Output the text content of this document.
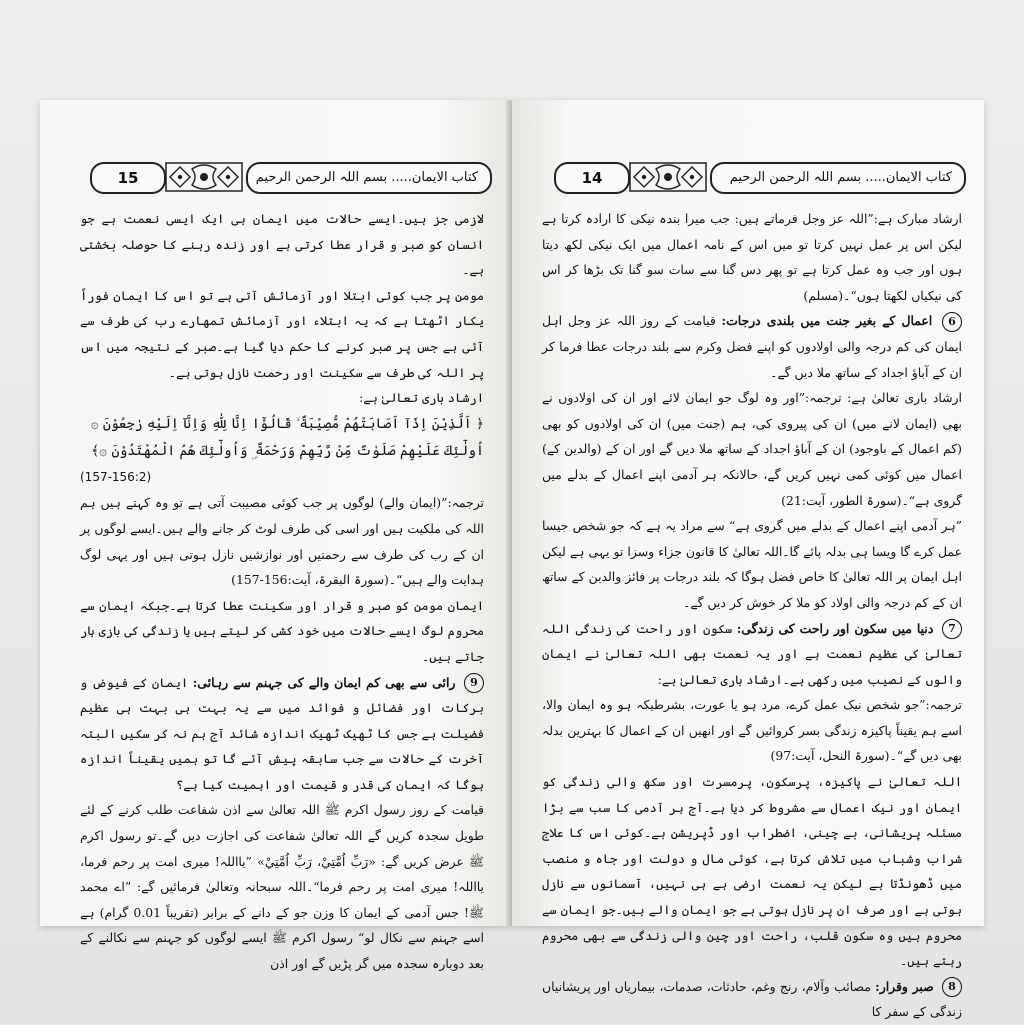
15	کتاب الایمان..... بسم اللہ الرحمن الرحیم

لازمی جز ہیں۔ایسے حالات میں ایمان ہی ایک ایسی نعمت ہے جو انسان کو صبر و قرار عطا کرتی ہے اور زندہ رہنے کا حوصلہ بخشتی ہے۔

مومن پر جب کوئی ابتلا اور آزمائش آتی ہے تو اس کا ایمان فوراً یکار اٹھتا ہے کہ یہ ابتلاء اور آزمائش تمھارے رب کی طرف سے آئی ہے جس پر صبر کرنے کا حکم دیا گیا ہے۔صبر کے نتیجہ میں اس پر اللہ کی طرف سے سکینت اور رحمت نازل ہوتی ہے۔

ارشاد باری تعالیٰ ہے:

﴿ اَلَّذِيْنَ اِذَآ اَصَابَتْهُمْ مُّصِيْبَةٌ ۙ قَالُوْٓا اِنَّا لِلّٰهِ وَاِنَّآ اِلَيْهِ رٰجِعُوْنَ ۞ اُولٰٓئِكَ عَلَيْهِمْ صَلَوٰتٌ مِّنْ رَّبِّهِمْ وَرَحْمَةٌ ۣ وَاُولٰٓئِكَ هُمُ الْمُهْتَدُوْنَ ۞﴾

(157-156:2)

ترجمہ:”(ایمان والے) لوگوں پر جب کوئی مصیبت آتی ہے تو وہ کہتے ہیں ہم اللہ کی ملکیت ہیں اور اسی کی طرف لوٹ کر جانے والے ہیں۔ایسے لوگوں پر ان کے رب کی طرف سے رحمتیں اور نوازشیں نازل ہوتی ہیں اور یہی لوگ ہدایت والے ہیں“۔(سورۃ البقرۃ، آیت:156-157)

ایمان مومن کو صبر و قرار اور سکینت عطا کرتا ہے۔جبکہ ایمان سے محروم لوگ ایسے حالات میں خود کشی کر لیتے ہیں یا زندگی کی بازی ہار جاتے ہیں۔

9 رائی سے بھی کم ایمان والے کی جہنم سے رہائی: ایمان کے فیوض و برکات اور فضائل و فوائد میں سے یہ بہت ہی بہت ہی عظیم فضیلت ہے جس کا ٹھیک ٹھیک اندازہ شائد آج ہم نہ کر سکیں البتہ آخرت کے حالات سے جب سابقہ پیش آئے گا تو ہمیں یقیناً اندازہ ہوگا کہ ایمان کی قدر و قیمت اور اہمیت کیا ہے؟

قیامت کے روز رسول اکرم ﷺ اللہ تعالیٰ سے اذن شفاعت طلب کرنے کے لئے طویل سجدہ کریں گے اللہ تعالیٰ شفاعت کی اجازت دیں گے۔تو رسول اکرم ﷺ عرض کریں گے: «رَبِّ اُمَّتِيْ، رَبِّ اُمَّتِيْ» ”یااللہ! میری امت پر رحم فرما، یااللہ! میری امت پر رحم فرما“۔اللہ سبحانہ وتعالیٰ فرمائیں گے: ”اے محمد ﷺ! جس آدمی کے ایمان کا وزن جو کے دانے کے برابر (تقریباً 0.01 گرام) ہے اسے جہنم سے نکال لو“ رسول اکرم ﷺ ایسے لوگوں کو جہنم سے نکالنے کے بعد دوبارہ سجدہ میں گر پڑیں گے اور اذن

14	کتاب الایمان..... بسم اللہ الرحمن الرحیم

ارشاد مبارک ہے:”اللہ عز وجل فرماتے ہیں: جب میرا بندہ نیکی کا ارادہ کرتا ہے لیکن اس پر عمل نہیں کرتا تو میں اس کے نامہ اعمال میں ایک نیکی لکھ دیتا ہوں اور جب وہ عمل کرتا ہے تو پھر دس گنا سے سات سو گنا تک بڑھا کر اس کی نیکیاں لکھتا ہوں“۔(مسلم)

6 اعمال کے بغیر جنت میں بلندی درجات: قیامت کے روز اللہ عز وجل اہل ایمان کی کم درجہ والی اولادوں کو اپنے فضل وکرم سے بلند درجات عطا فرما کر ان کے آباؤ اجداد کے ساتھ ملا دیں گے۔

ارشاد باری تعالیٰ ہے: ترجمہ:”اور وہ لوگ جو ایمان لائے اور ان کی اولادوں نے بھی (ایمان لانے میں) ان کی پیروی کی، ہم (جنت میں) ان کی اولادوں کو بھی (کم اعمال کے باوجود) ان کے آباؤ اجداد کے ساتھ ملا دیں گے اور ان کے (والدین کے) اعمال میں کوئی کمی نہیں کریں گے، حالانکہ ہر آدمی اپنے اعمال کے بدلے میں گروی ہے“۔(سورۃ الطور، آیت:21)

”ہر آدمی اپنے اعمال کے بدلے میں گروی ہے“ سے مراد یہ ہے کہ جو شخص جیسا عمل کرے گا ویسا ہی بدلہ پائے گا۔اللہ تعالیٰ کا قانون جزاء وسزا تو یہی ہے لیکن اہل ایمان پر اللہ تعالیٰ کا خاص فضل ہوگا کہ بلند درجات پر فائز والدین کے ساتھ ان کے کم درجہ والی اولاد کو ملا کر خوش کر دیں گے۔

7 دنیا میں سکون اور راحت کی زندگی: سکون اور راحت کی زندگی اللہ تعالیٰ کی عظیم نعمت ہے اور یہ نعمت بھی اللہ تعالیٰ نے ایمان والوں کے نصیب میں رکھی ہے۔ارشاد باری تعالیٰ ہے:

ترجمہ:”جو شخص نیک عمل کرے، مرد ہو یا عورت، بشرطیکہ ہو وہ ایمان والا، اسے ہم یقیناً پاکیزہ زندگی بسر کروائیں گے اور انھیں ان کے اعمال کا بہترین بدلہ بھی دیں گے“۔(سورۃ النحل، آیت:97)

اللہ تعالیٰ نے پاکیزہ، پرسکون، پرمسرت اور سکھ والی زندگی کو ایمان اور نیک اعمال سے مشروط کر دیا ہے۔آج ہر آدمی کا سب سے بڑا مسئلہ پریشانی، بے چینی، اضطراب اور ڈپریشن ہے۔کوئی اس کا علاج شراب وشباب میں تلاش کرتا ہے، کوئی مال و دولت اور جاہ و منصب میں ڈھونڈتا ہے لیکن یہ نعمت ارضی ہے ہی نہیں، آسمانوں سے نازل ہوتی ہے اور صرف ان پر نازل ہوتی ہے جو ایمان والے ہیں۔جو ایمان سے محروم ہیں وہ سکون قلب، راحت اور چین والی زندگی سے بھی محروم رہتے ہیں۔

8 صبر وقرار: مصائب وآلام، رنج وغم، حادثات، صدمات، بیماریاں اور پریشانیاں زندگی کے سفر کا
